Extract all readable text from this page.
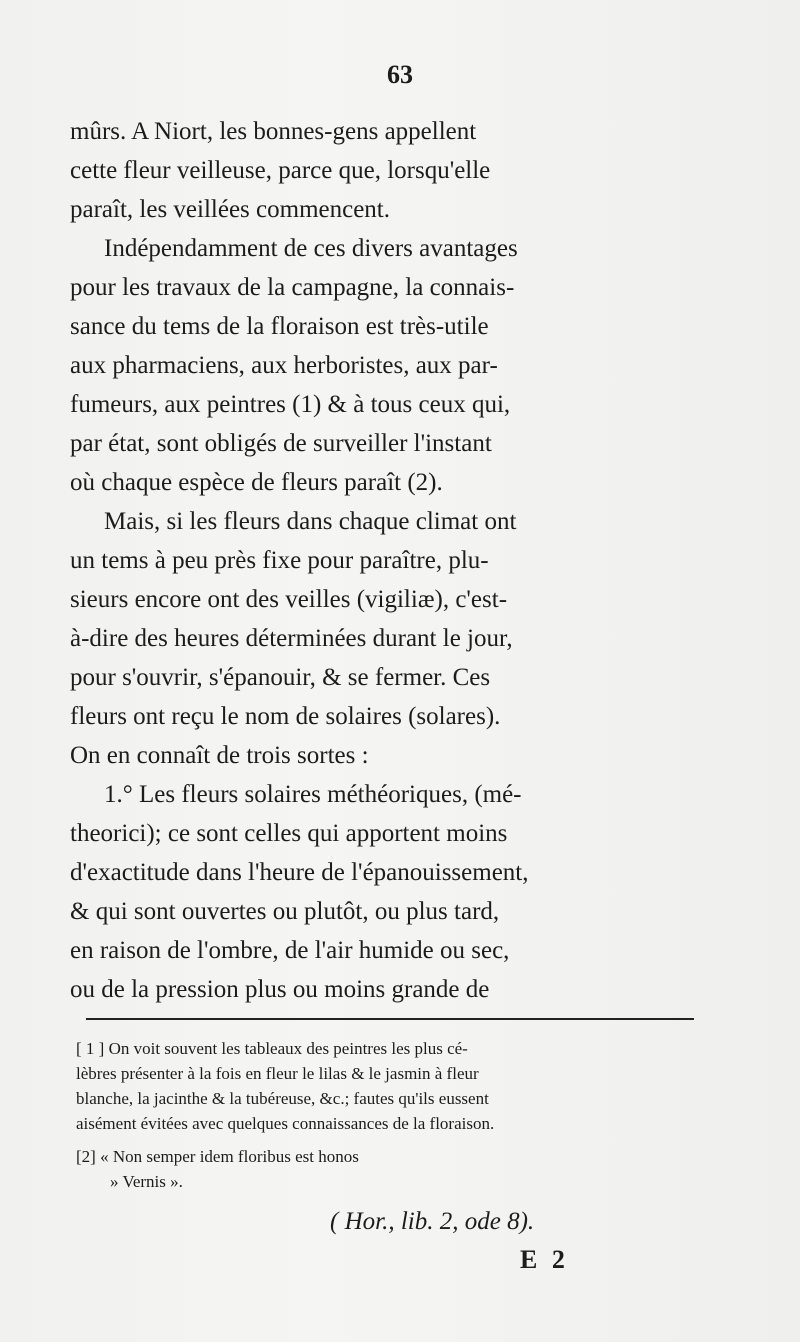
63

mûrs. A Niort, les bonnes-gens appellent
cette fleur veilleuse, parce que, lorsqu'elle
paraît, les veillées commencent.

Indépendamment de ces divers avantages
pour les travaux de la campagne, la connais-
sance du tems de la floraison est très-utile
aux pharmaciens, aux herboristes, aux par-
fumeurs, aux peintres (1) & à tous ceux qui,
par état, sont obligés de surveiller l'instant
où chaque espèce de fleurs paraît (2).

Mais, si les fleurs dans chaque climat ont
un tems à peu près fixe pour paraître, plu-
sieurs encore ont des veilles (vigiliæ), c'est-
à-dire des heures déterminées durant le jour,
pour s'ouvrir, s'épanouir, & se fermer. Ces
fleurs ont reçu le nom de solaires (solares).
On en connaît de trois sortes :

1.° Les fleurs solaires méthéoriques, (mé-
theorici); ce sont celles qui apportent moins
d'exactitude dans l'heure de l'épanouissement,
& qui sont ouvertes ou plutôt, ou plus tard,
en raison de l'ombre, de l'air humide ou sec,
ou de la pression plus ou moins grande de

[ 1 ] On voit souvent les tableaux des peintres les plus cé-
lèbres présenter à la fois en fleur le lilas & le jasmin à fleur
blanche, la jacinthe & la tubéreuse, &c.; fautes qu'ils eussent
aisément évitées avec quelques connaissances de la floraison.
[2] « Non semper idem floribus est honos
» Vernis ».
( Hor., lib. 2, ode 8).
E 2
